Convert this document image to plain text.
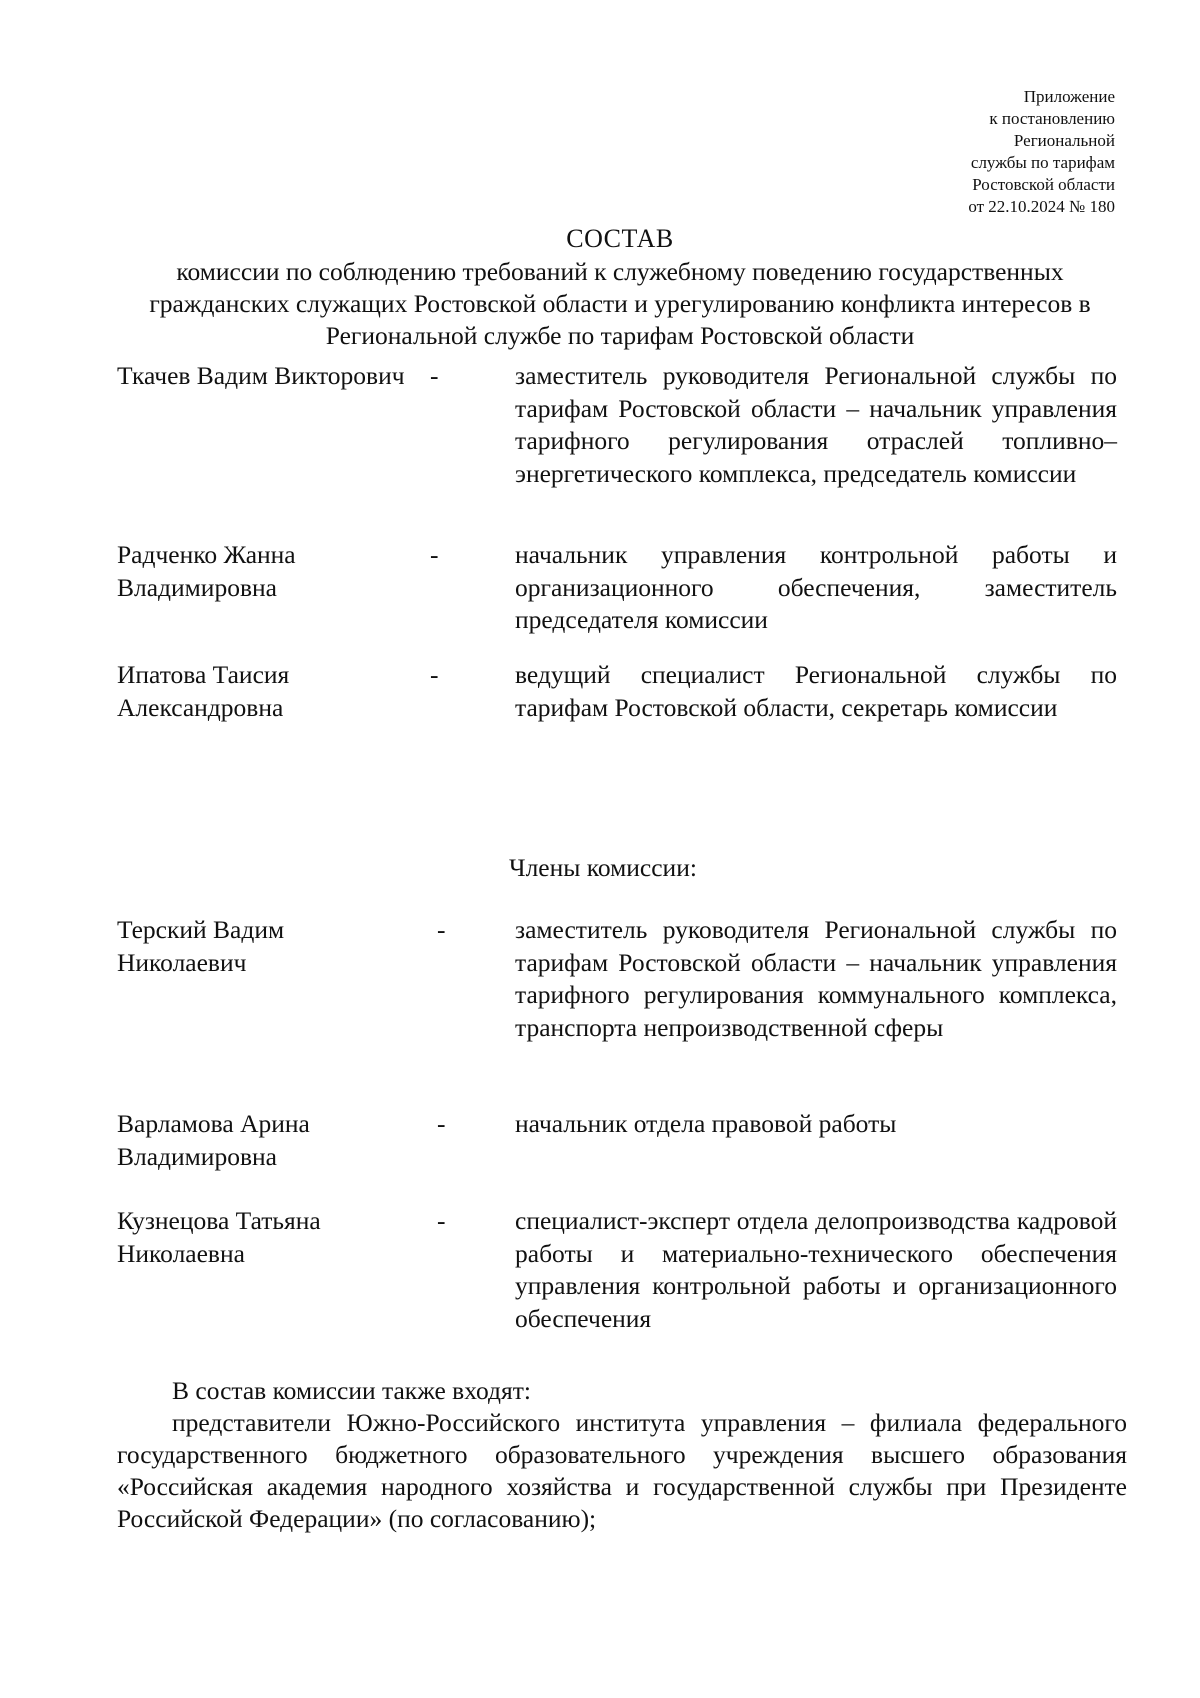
Приложение
к постановлению
Региональной
службы по тарифам
Ростовской области
от 22.10.2024 № 180
СОСТАВ
комиссии по соблюдению требований к служебному поведению государственных гражданских служащих Ростовской области и урегулированию конфликта интересов в Региональной службе по тарифам Ростовской области
Ткачев Вадим Викторович -	заместитель руководителя Региональной службы по тарифам Ростовской области – начальник управления тарифного регулирования отраслей топливно–энергетического комплекса, председатель комиссии
Радченко Жанна Владимировна
-	начальник управления контрольной работы и организационного обеспечения, заместитель председателя комиссии
Ипатова Таисия Александровна
-	ведущий специалист Региональной службы по тарифам Ростовской области, секретарь комиссии
Члены комиссии:
Терский Вадим Николаевич
-	заместитель руководителя Региональной службы по тарифам Ростовской области – начальник управления тарифного регулирования коммунального комплекса, транспорта непроизводственной сферы
Варламова Арина Владимировна
-	начальник отдела правовой работы
Кузнецова Татьяна Николаевна
-	специалист-эксперт отдела делопроизводства кадровой работы и материально-технического обеспечения управления контрольной работы и организационного обеспечения

В состав комиссии также входят:

представители Южно-Российского института управления – филиала федерального государственного бюджетного образовательного учреждения высшего образования «Российская академия народного хозяйства и государственной службы при Президенте Российской Федерации» (по согласованию);
